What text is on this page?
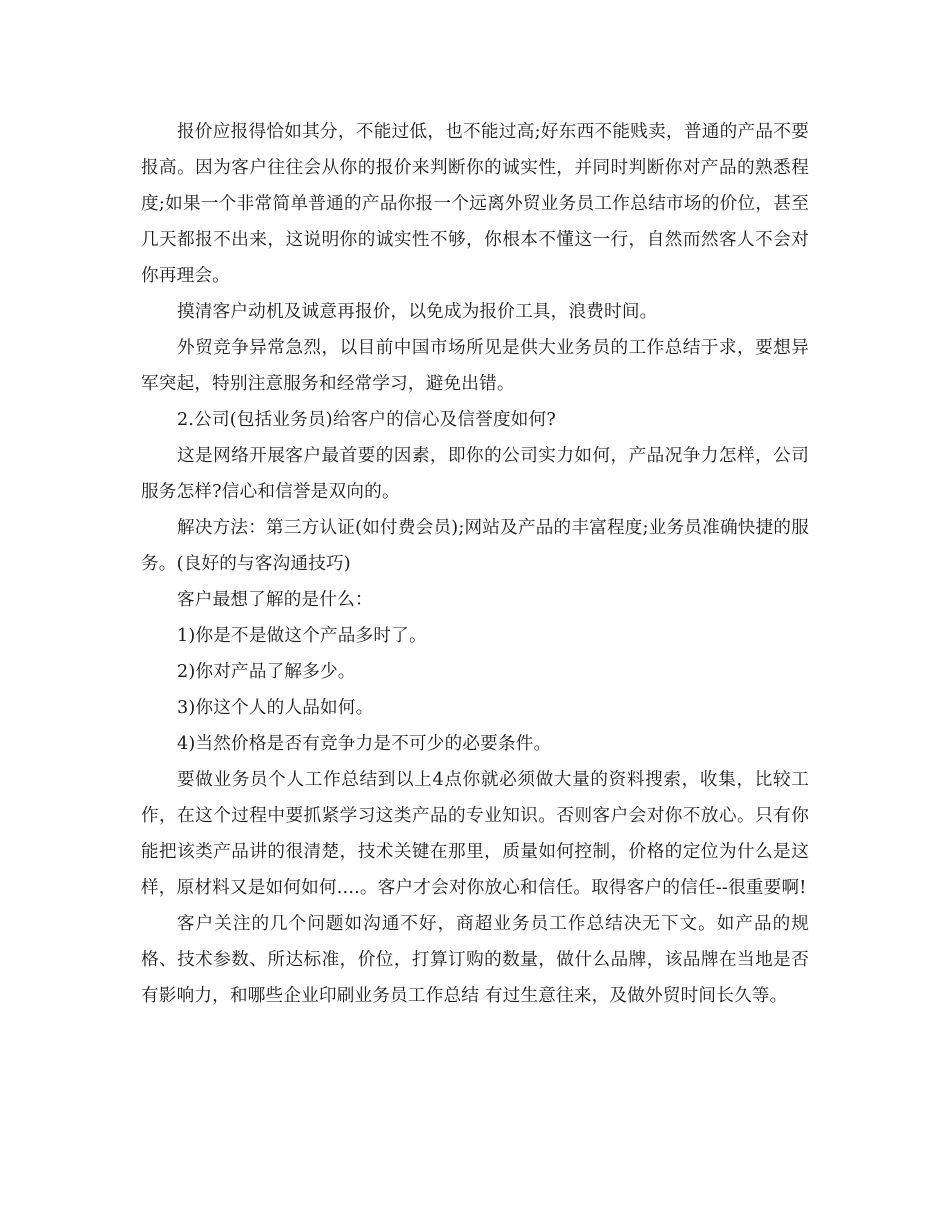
报价应报得恰如其分，不能过低，也不能过高;好东西不能贱卖，普通的产品不要报高。因为客户往往会从你的报价来判断你的诚实性，并同时判断你对产品的熟悉程度;如果一个非常简单普通的产品你报一个远离外贸业务员工作总结市场的价位，甚至几天都报不出来，这说明你的诚实性不够，你根本不懂这一行，自然而然客人不会对你再理会。

摸清客户动机及诚意再报价，以免成为报价工具，浪费时间。

外贸竞争异常急烈，以目前中国市场所见是供大业务员的工作总结于求，要想异军突起，特别注意服务和经常学习，避免出错。

2.公司(包括业务员)给客户的信心及信誉度如何?

这是网络开展客户最首要的因素，即你的公司实力如何，产品况争力怎样，公司服务怎样?信心和信誉是双向的。

解决方法：第三方认证(如付费会员);网站及产品的丰富程度;业务员准确快捷的服务。(良好的与客沟通技巧)

客户最想了解的是什么：

1)你是不是做这个产品多时了。

2)你对产品了解多少。

3)你这个人的人品如何。

4)当然价格是否有竞争力是不可少的必要条件。

要做业务员个人工作总结到以上4点你就必须做大量的资料搜索，收集，比较工作，在这个过程中要抓紧学习这类产品的专业知识。否则客户会对你不放心。只有你能把该类产品讲的很清楚，技术关键在那里，质量如何控制，价格的定位为什么是这样，原材料又是如何如何....。客户才会对你放心和信任。取得客户的信任--很重要啊!

客户关注的几个问题如沟通不好，商超业务员工作总结决无下文。如产品的规格、技术参数、所达标准，价位，打算订购的数量，做什么品牌，该品牌在当地是否有影响力，和哪些企业印刷业务员工作总结 有过生意往来，及做外贸时间长久等。
